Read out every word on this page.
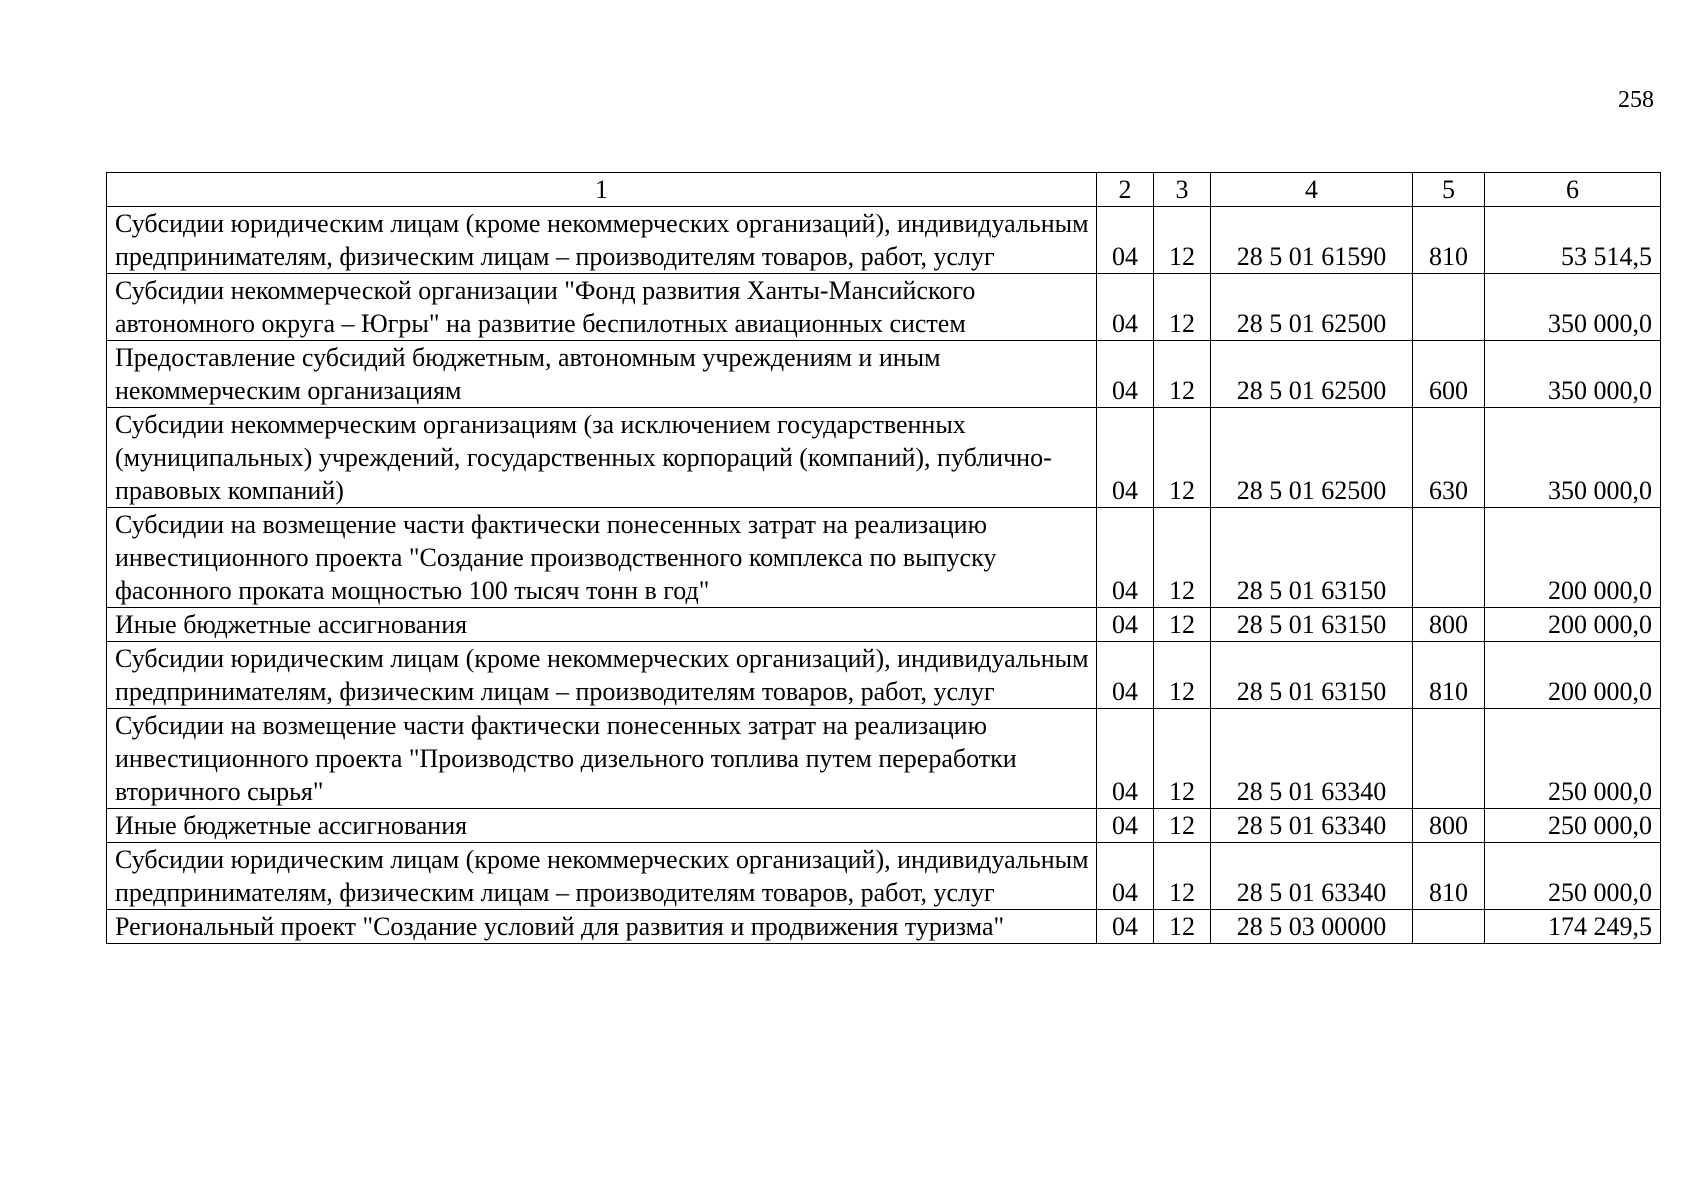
258
1	2	3	4	5	6
Субсидии юридическим лицам (кроме некоммерческих организаций), индивидуальным предпринимателям, физическим лицам – производителям товаров, работ, услуг	04	12	28 5 01 61590	810	53 514,5
Субсидии некоммерческой организации "Фонд развития Ханты-Мансийского автономного округа – Югры" на развитие беспилотных авиационных систем	04	12	28 5 01 62500		350 000,0
Предоставление субсидий бюджетным, автономным учреждениям и иным некоммерческим организациям	04	12	28 5 01 62500	600	350 000,0
Субсидии некоммерческим организациям (за исключением государственных (муниципальных) учреждений, государственных корпораций (компаний), публично-правовых компаний)	04	12	28 5 01 62500	630	350 000,0
Субсидии на возмещение части фактически понесенных затрат на реализацию инвестиционного проекта "Создание производственного комплекса по выпуску фасонного проката мощностью 100 тысяч тонн в год"	04	12	28 5 01 63150		200 000,0
Иные бюджетные ассигнования	04	12	28 5 01 63150	800	200 000,0
Субсидии юридическим лицам (кроме некоммерческих организаций), индивидуальным предпринимателям, физическим лицам – производителям товаров, работ, услуг	04	12	28 5 01 63150	810	200 000,0
Субсидии на возмещение части фактически понесенных затрат на реализацию инвестиционного проекта "Производство дизельного топлива путем переработки вторичного сырья"	04	12	28 5 01 63340		250 000,0
Иные бюджетные ассигнования	04	12	28 5 01 63340	800	250 000,0
Субсидии юридическим лицам (кроме некоммерческих организаций), индивидуальным предпринимателям, физическим лицам – производителям товаров, работ, услуг	04	12	28 5 01 63340	810	250 000,0
Региональный проект "Создание условий для развития и продвижения туризма"	04	12	28 5 03 00000		174 249,5
